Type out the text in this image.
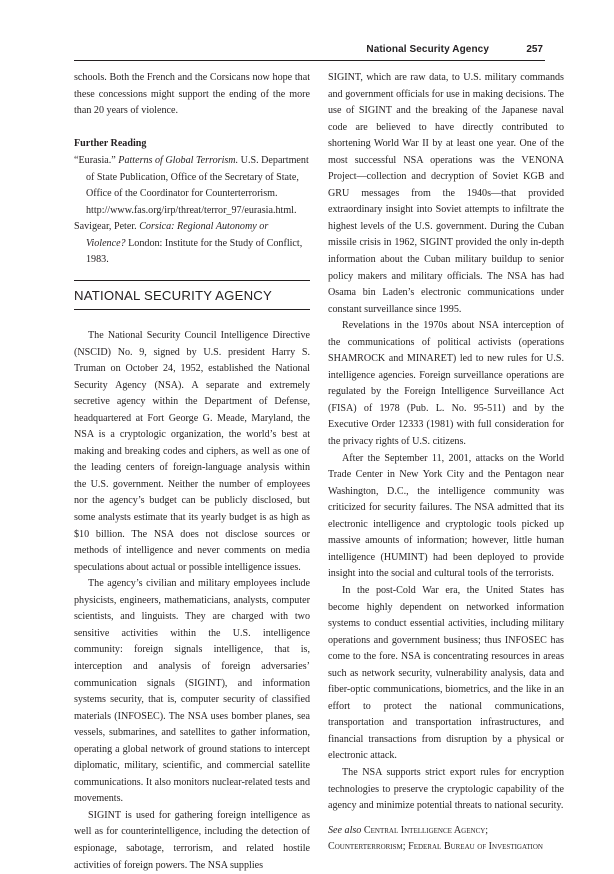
National Security Agency	257

schools. Both the French and the Corsicans now hope that these concessions might support the ending of the more than 20 years of violence.

Further Reading

“Eurasia.” Patterns of Global Terrorism. U.S. Department of State Publication, Office of the Secretary of State, Office of the Coordinator for Counterterrorism. http://www.fas.org/irp/threat/terror_97/eurasia.html.

Savigear, Peter. Corsica: Regional Autonomy or Violence? London: Institute for the Study of Conflict, 1983.

NATIONAL SECURITY AGENCY

The National Security Council Intelligence Directive (NSCID) No. 9, signed by U.S. president Harry S. Truman on October 24, 1952, established the National Security Agency (NSA). A separate and extremely secretive agency within the Department of Defense, headquartered at Fort George G. Meade, Maryland, the NSA is a cryptologic organization, the world’s best at making and breaking codes and ciphers, as well as one of the leading centers of foreign-language analysis within the U.S. government. Neither the number of employees nor the agency’s budget can be publicly disclosed, but some analysts estimate that its yearly budget is as high as $10 billion. The NSA does not disclose sources or methods of intelligence and never comments on media speculations about actual or possible intelligence issues.

The agency’s civilian and military employees include physicists, engineers, mathematicians, analysts, computer scientists, and linguists. They are charged with two sensitive activities within the U.S. intelligence community: foreign signals intelligence, that is, interception and analysis of foreign adversaries’ communication signals (SIGINT), and information systems security, that is, computer security of classified materials (INFOSEC). The NSA uses bomber planes, sea vessels, submarines, and satellites to gather information, operating a global network of ground stations to intercept diplomatic, military, scientific, and commercial satellite communications. It also monitors nuclear-related tests and movements.

SIGINT is used for gathering foreign intelligence as well as for counterintelligence, including the detection of espionage, sabotage, terrorism, and related hostile activities of foreign powers. The NSA supplies

SIGINT, which are raw data, to U.S. military commands and government officials for use in making decisions. The use of SIGINT and the breaking of the Japanese naval code are believed to have directly contributed to shortening World War II by at least one year. One of the most successful NSA operations was the VENONA Project—collection and decryption of Soviet KGB and GRU messages from the 1940s—that provided extraordinary insight into Soviet attempts to infiltrate the highest levels of the U.S. government. During the Cuban missile crisis in 1962, SIGINT provided the only in-depth information about the Cuban military buildup to senior policy makers and military officials. The NSA has had Osama bin Laden’s electronic communications under constant surveillance since 1995.

Revelations in the 1970s about NSA interception of the communications of political activists (operations SHAMROCK and MINARET) led to new rules for U.S. intelligence agencies. Foreign surveillance operations are regulated by the Foreign Intelligence Surveillance Act (FISA) of 1978 (Pub. L. No. 95-511) and by the Executive Order 12333 (1981) with full consideration for the privacy rights of U.S. citizens.

After the September 11, 2001, attacks on the World Trade Center in New York City and the Pentagon near Washington, D.C., the intelligence community was criticized for security failures. The NSA admitted that its electronic intelligence and cryptologic tools picked up massive amounts of information; however, little human intelligence (HUMINT) had been deployed to provide insight into the social and cultural tools of the terrorists.

In the post-Cold War era, the United States has become highly dependent on networked information systems to conduct essential activities, including military operations and government business; thus INFOSEC has come to the fore. NSA is concentrating resources in areas such as network security, vulnerability analysis, data and fiber-optic communications, biometrics, and the like in an effort to protect the national communications, transportation and transportation infrastructures, and financial transactions from disruption by a physical or electronic attack.

The NSA supports strict export rules for encryption technologies to preserve the cryptologic capability of the agency and minimize potential threats to national security.

See also Central Intelligence Agency; Counterterrorism; Federal Bureau of Investigation
